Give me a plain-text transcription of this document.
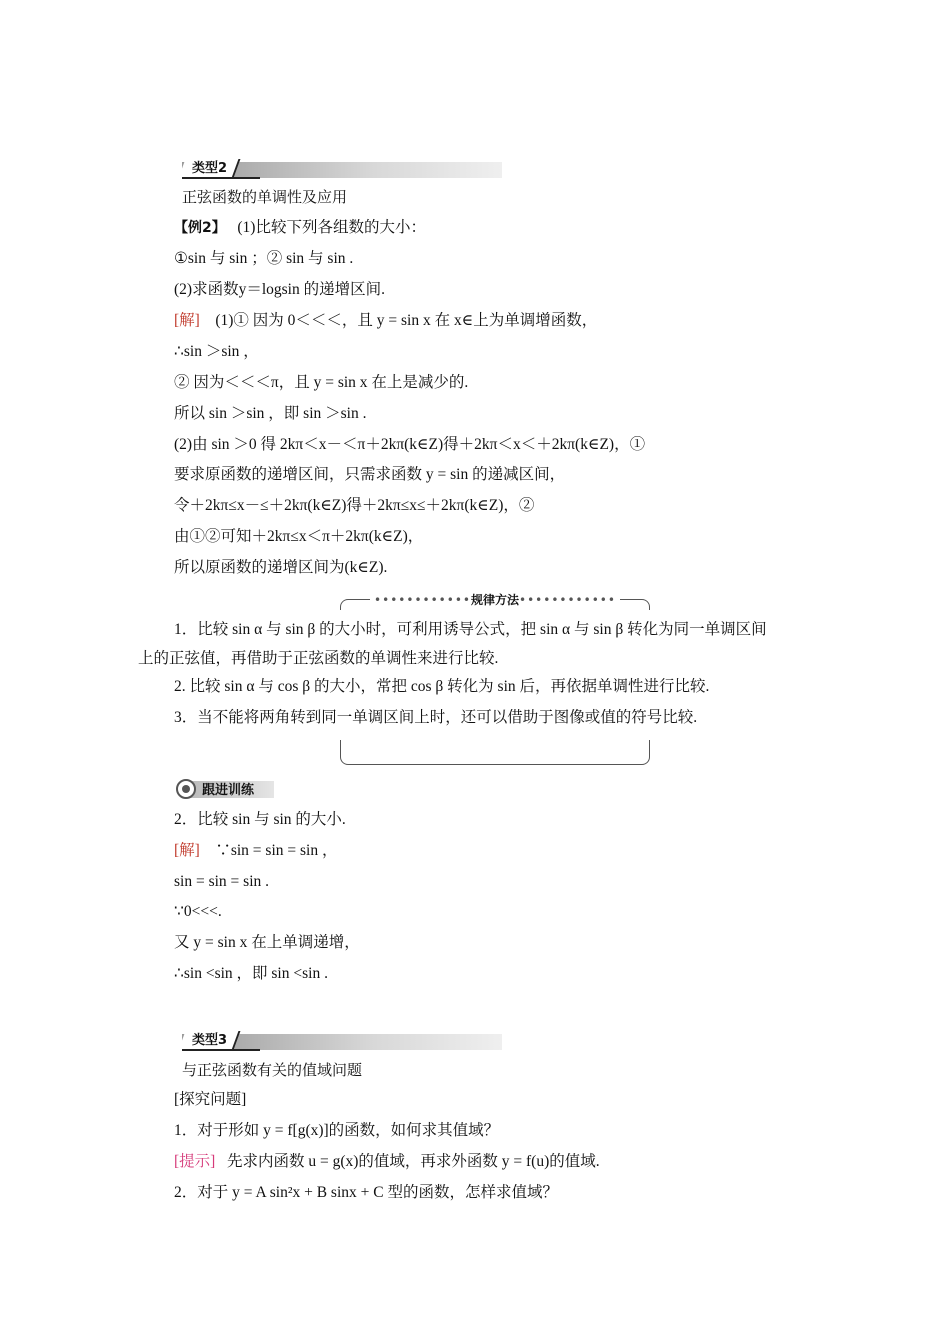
类型2
正弦函数的单调性及应用
【例2】 (1)比较下列各组数的大小：
①sin 与 sin ；② sin 与 sin .
(2)求函数y＝logsin 的递增区间.
[解] (1)① 因为 0＜＜＜，且 y = sin x 在 x∈上为单调增函数，
∴sin ＞sin ，
② 因为＜＜＜π，且 y = sin x 在上是减少的.
所以 sin ＞sin ，即 sin ＞sin .
(2)由 sin ＞0 得 2kπ＜x－＜π＋2kπ(k∈Z)得＋2kπ＜x＜＋2kπ(k∈Z)，①
要求原函数的递增区间，只需求函数 y = sin 的递减区间，
令＋2kπ≤x－≤＋2kπ(k∈Z)得＋2kπ≤x≤＋2kπ(k∈Z)，②
由①②可知＋2kπ≤x＜π＋2kπ(k∈Z)，
所以原函数的递增区间为(k∈Z).
••••••••••••规律方法••••••••••••
1．比较 sin α 与 sin β 的大小时，可利用诱导公式，把 sin α 与 sin β 转化为同一单调区间
上的正弦值，再借助于正弦函数的单调性来进行比较.
2. 比较 sin α 与 cos β 的大小，常把 cos β 转化为 sin 后，再依据单调性进行比较.
3．当不能将两角转到同一单调区间上时，还可以借助于图像或值的符号比较.
跟进训练
2．比较 sin 与 sin 的大小.
[解] ∵sin = sin = sin ，
sin = sin = sin .
∵0<<<.
又 y = sin x 在上单调递增，
∴sin <sin ，即 sin <sin .
类型3
与正弦函数有关的值域问题
[探究问题]
1．对于形如 y = f[g(x)]的函数，如何求其值域？
[提示] 先求内函数 u = g(x)的值域，再求外函数 y = f(u)的值域.
2．对于 y = A sin²x + B sinx + C 型的函数，怎样求值域？
